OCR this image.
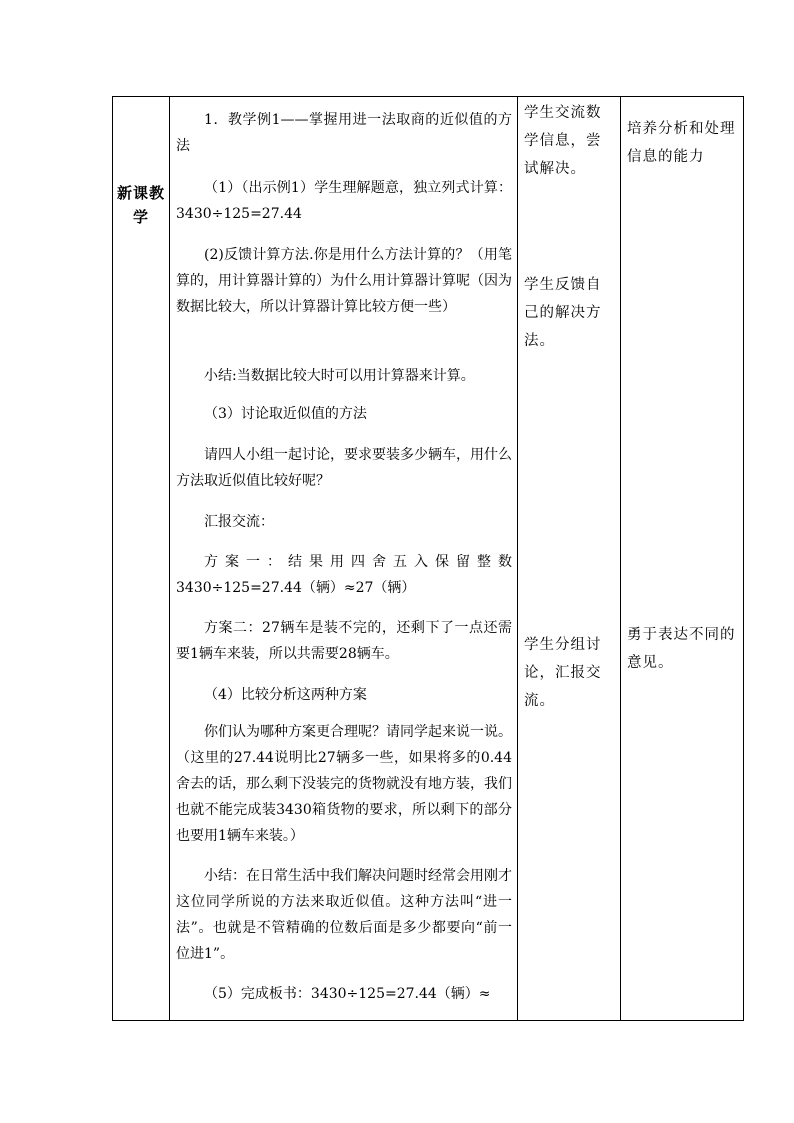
新课教学
1．教学例1——掌握用进一法取商的近似值的方法
（1）（出示例1）学生理解题意，独立列式计算：3430÷125=27.44
(2)反馈计算方法.你是用什么方法计算的？（用笔算的，用计算器计算的）为什么用计算器计算呢（因为数据比较大，所以计算器计算比较方便一些）
小结:当数据比较大时可以用计算器来计算。
（3）讨论取近似值的方法
请四人小组一起讨论，要求要装多少辆车，用什么方法取近似值比较好呢？
汇报交流：
方案一：结果用四舍五入保留整数3430÷125=27.44（辆）≈27（辆）
方案二：27辆车是装不完的，还剩下了一点还需要1辆车来装，所以共需要28辆车。
（4）比较分析这两种方案
你们认为哪种方案更合理呢？请同学起来说一说。（这里的27.44说明比27辆多一些，如果将多的0.44舍去的话，那么剩下没装完的货物就没有地方装，我们也就不能完成装3430箱货物的要求，所以剩下的部分也要用1辆车来装。）
小结：在日常生活中我们解决问题时经常会用刚才这位同学所说的方法来取近似值。这种方法叫“进一法”。也就是不管精确的位数后面是多少都要向“前一位进1”。
（5）完成板书：3430÷125=27.44（辆）≈
学生交流数学信息，尝试解决。
学生反馈自己的解决方法。
学生分组讨论，汇报交流。
培养分析和处理信息的能力
勇于表达不同的意见。
